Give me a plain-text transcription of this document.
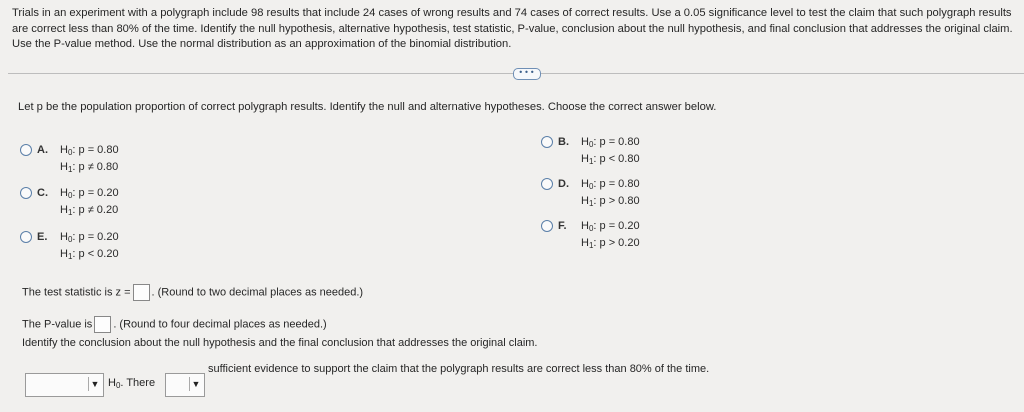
Trials in an experiment with a polygraph include 98 results that include 24 cases of wrong results and 74 cases of correct results. Use a 0.05 significance level to test the claim that such polygraph results are correct less than 80% of the time. Identify the null hypothesis, alternative hypothesis, test statistic, P-value, conclusion about the null hypothesis, and final conclusion that addresses the original claim. Use the P-value method. Use the normal distribution as an approximation of the binomial distribution.
•••
Let p be the population proportion of correct polygraph results. Identify the null and alternative hypotheses. Choose the correct answer below.
A. $H_0$: p = 0.80
$H_1$: p ≠ 0.80
B. $H_0$: p = 0.80
$H_1$: p < 0.80
C. $H_0$: p = 0.20
$H_1$: p ≠ 0.20
D. $H_0$: p = 0.80
$H_1$: p > 0.80
E. $H_0$: p = 0.20
$H_1$: p < 0.20
F. $H_0$: p = 0.20
$H_1$: p > 0.20
The test statistic is z = . (Round to two decimal places as needed.)
The P-value is . (Round to four decimal places as needed.)
Identify the conclusion about the null hypothesis and the final conclusion that addresses the original claim.
▼ $H_0$. There	▼
sufficient evidence to support the claim that the polygraph results are correct less than 80% of the time.
